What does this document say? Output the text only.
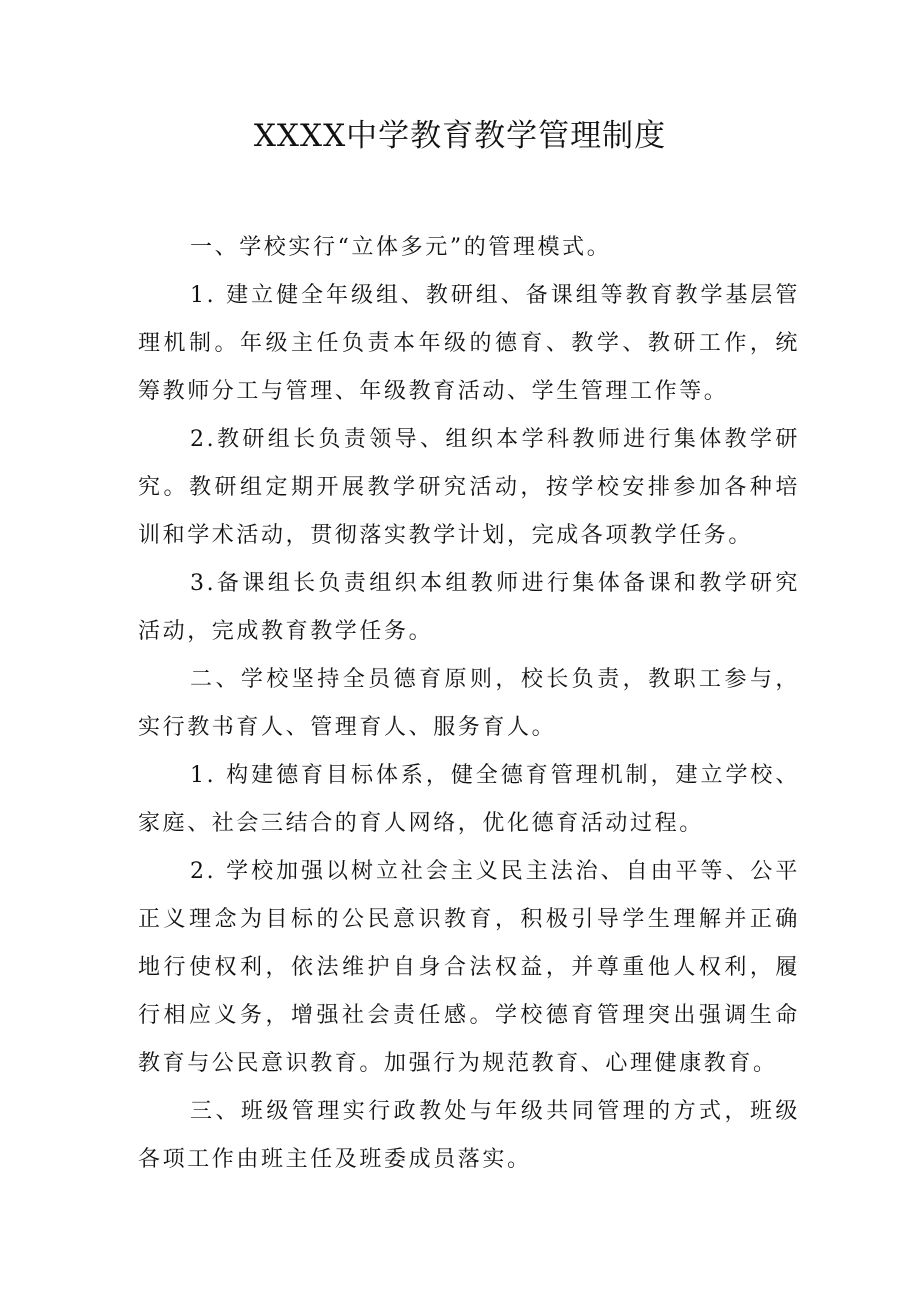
XXXX中学教育教学管理制度

一、学校实行“立体多元”的管理模式。

1. 建立健全年级组、教研组、备课组等教育教学基层管理机制。年级主任负责本年级的德育、教学、教研工作，统筹教师分工与管理、年级教育活动、学生管理工作等。

2.教研组长负责领导、组织本学科教师进行集体教学研究。教研组定期开展教学研究活动，按学校安排参加各种培训和学术活动，贯彻落实教学计划，完成各项教学任务。

3.备课组长负责组织本组教师进行集体备课和教学研究活动，完成教育教学任务。

二、学校坚持全员德育原则，校长负责，教职工参与，实行教书育人、管理育人、服务育人。

1. 构建德育目标体系，健全德育管理机制，建立学校、家庭、社会三结合的育人网络，优化德育活动过程。

2. 学校加强以树立社会主义民主法治、自由平等、公平正义理念为目标的公民意识教育，积极引导学生理解并正确地行使权利，依法维护自身合法权益，并尊重他人权利，履行相应义务，增强社会责任感。学校德育管理突出强调生命教育与公民意识教育。加强行为规范教育、心理健康教育。

三、班级管理实行政教处与年级共同管理的方式，班级各项工作由班主任及班委成员落实。
